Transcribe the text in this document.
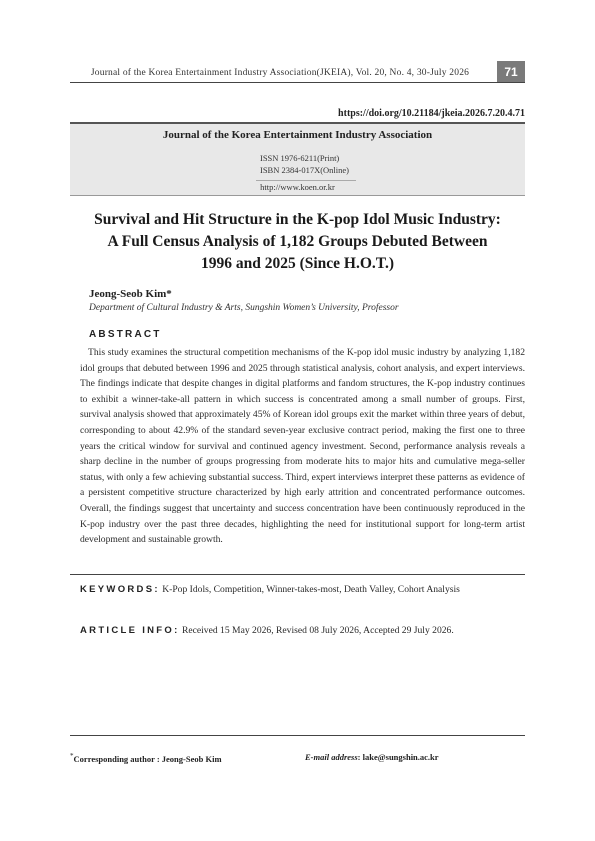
Journal of the Korea Entertainment Industry Association(JKEIA), Vol. 20, No. 4, 30-July 2026	71
https://doi.org/10.21184/jkeia.2026.7.20.4.71
Journal of the Korea Entertainment Industry Association
ISSN 1976-6211(Print)
ISBN 2384-017X(Online)
http://www.koen.or.kr
Survival and Hit Structure in the K-pop Idol Music Industry:
A Full Census Analysis of 1,182 Groups Debuted Between
1996 and 2025 (Since H.O.T.)
Jeong-Seob Kim*
Department of Cultural Industry & Arts, Sungshin Women’s University, Professor
ABSTRACT
This study examines the structural competition mechanisms of the K-pop idol music industry by analyzing 1,182 idol groups that debuted between 1996 and 2025 through statistical analysis, cohort analysis, and expert interviews. The findings indicate that despite changes in digital platforms and fandom structures, the K-pop industry continues to exhibit a winner-take-all pattern in which success is concentrated among a small number of groups. First, survival analysis showed that approximately 45% of Korean idol groups exit the market within three years of debut, corresponding to about 42.9% of the standard seven-year exclusive contract period, making the first one to three years the critical window for survival and continued agency investment. Second, performance analysis reveals a sharp decline in the number of groups progressing from moderate hits to major hits and cumulative mega-seller status, with only a few achieving substantial success. Third, expert interviews interpret these patterns as evidence of a persistent competitive structure characterized by high early attrition and concentrated performance outcomes. Overall, the findings suggest that uncertainty and success concentration have been continuously reproduced in the K-pop industry over the past three decades, highlighting the need for institutional support for long-term artist development and sustainable growth.
KEYWORDS: K-Pop Idols, Competition, Winner-takes-most, Death Valley, Cohort Analysis
ARTICLE INFO: Received 15 May 2026, Revised 08 July 2026, Accepted 29 July 2026.
*Corresponding author : Jeong-Seob Kim	E-mail address: lake@sungshin.ac.kr
